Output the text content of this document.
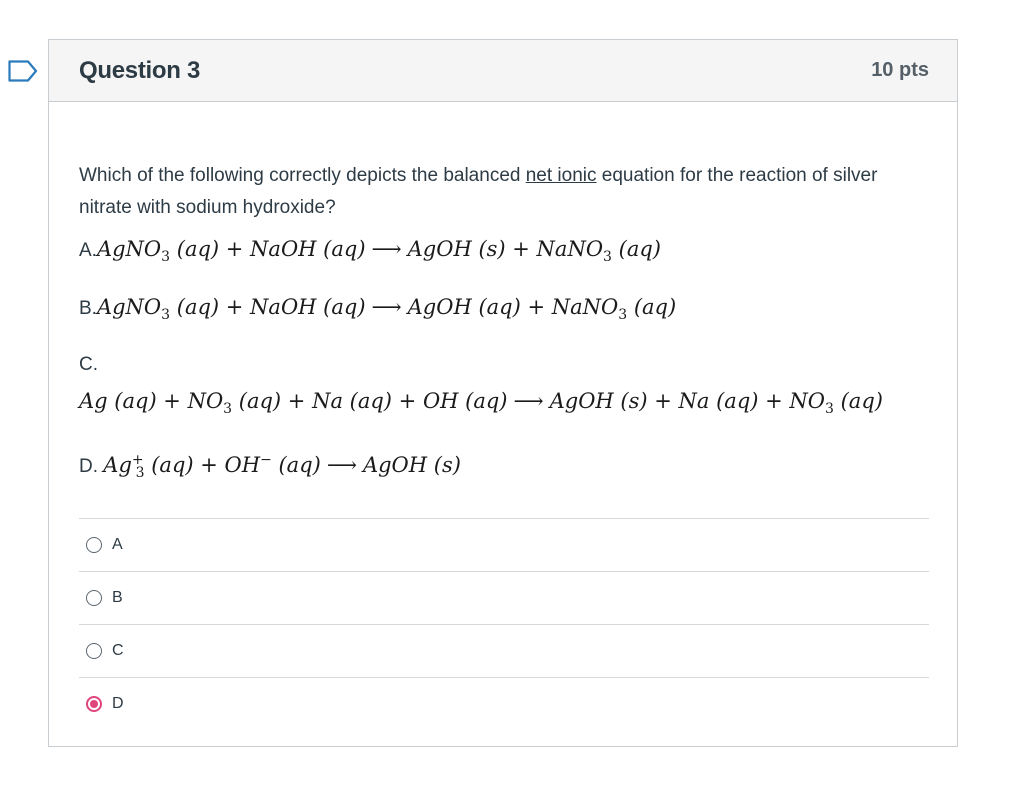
Question 3	10 pts

Which of the following correctly depicts the balanced net ionic equation for the reaction of silver nitrate with sodium hydroxide?

A.AgNO$_3$ (aq) + NaOH (aq) ⟶ AgOH (s) + NaNO$_3$ (aq)
B.AgNO$_3$ (aq) + NaOH (aq) ⟶ AgOH (aq) + NaNO$_3$ (aq)
C.
Ag $(aq) + NO_3$ (aq) + Na (aq) + OH (aq) ⟶ AgOH (s) + Na $(aq) + NO_3$ (aq)
D. $Ag^+_3$ (aq) + OH− (aq) ⟶ AgOH (s)
A
B
C
D
